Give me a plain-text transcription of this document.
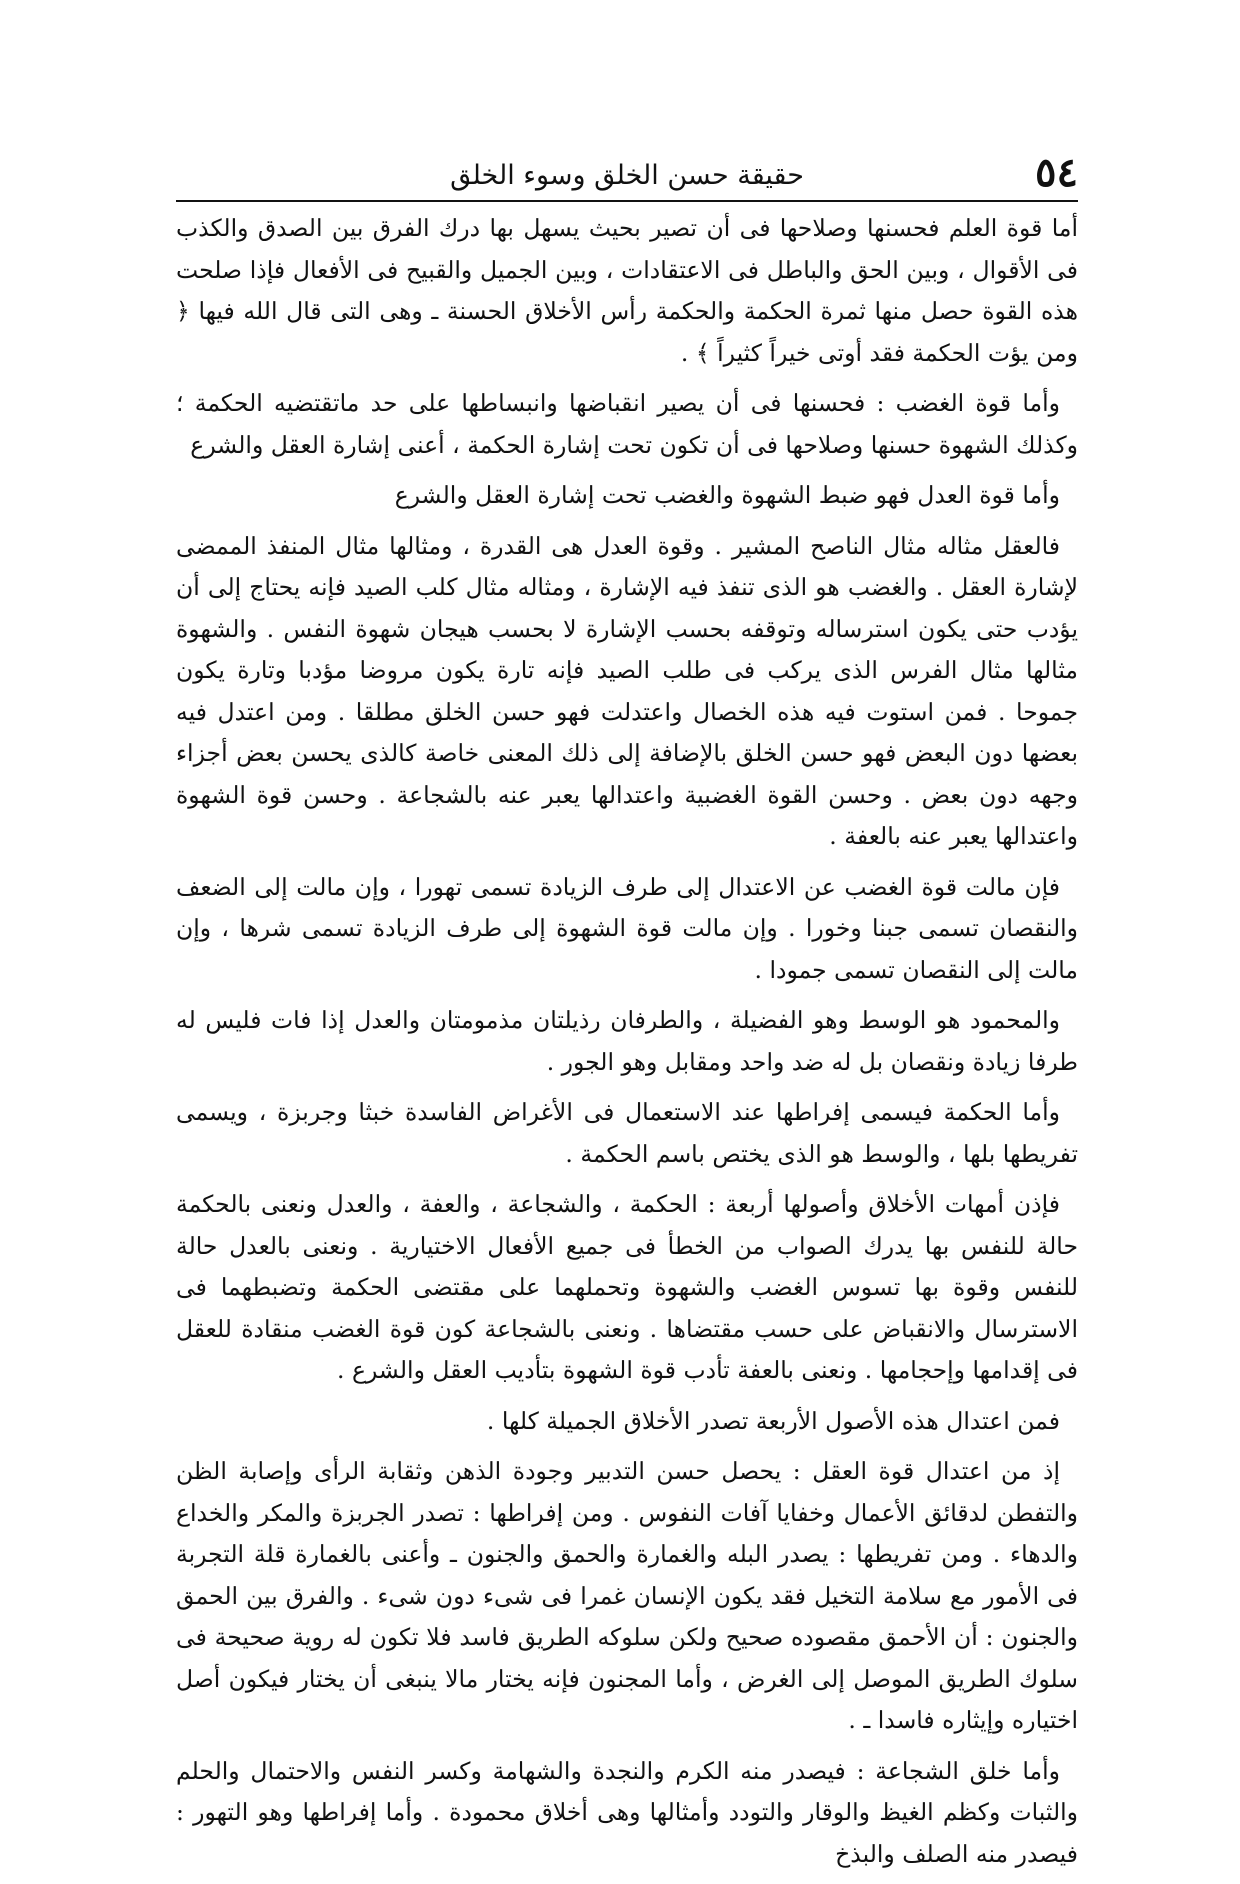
٥٤
حقيقة حسن الخلق وسوء الخلق

أما قوة العلم فحسنها وصلاحها فى أن تصير بحيث يسهل بها درك الفرق بين الصدق والكذب فى الأقوال ، وبين الحق والباطل فى الاعتقادات ، وبين الجميل والقبيح فى الأفعال فإذا صلحت هذه القوة حصل منها ثمرة الحكمة والحكمة رأس الأخلاق الحسنة ـ وهى التى قال الله فيها ﴿ ومن يؤت الحكمة فقد أوتى خيراً كثيراً ﴾ .

وأما قوة الغضب : فحسنها فى أن يصير انقباضها وانبساطها على حد ماتقتضيه الحكمة ؛ وكذلك الشهوة حسنها وصلاحها فى أن تكون تحت إشارة الحكمة ، أعنى إشارة العقل والشرع

وأما قوة العدل فهو ضبط الشهوة والغضب تحت إشارة العقل والشرع

فالعقل مثاله مثال الناصح المشير . وقوة العدل هى القدرة ، ومثالها مثال المنفذ الممضى لإشارة العقل . والغضب هو الذى تنفذ فيه الإشارة ، ومثاله مثال كلب الصيد فإنه يحتاج إلى أن يؤدب حتى يكون استرساله وتوقفه بحسب الإشارة لا بحسب هيجان شهوة النفس . والشهوة مثالها مثال الفرس الذى يركب فى طلب الصيد فإنه تارة يكون مروضا مؤدبا وتارة يكون جموحا . فمن استوت فيه هذه الخصال واعتدلت فهو حسن الخلق مطلقا . ومن اعتدل فيه بعضها دون البعض فهو حسن الخلق بالإضافة إلى ذلك المعنى خاصة كالذى يحسن بعض أجزاء وجهه دون بعض . وحسن القوة الغضبية واعتدالها يعبر عنه بالشجاعة . وحسن قوة الشهوة واعتدالها يعبر عنه بالعفة .

فإن مالت قوة الغضب عن الاعتدال إلى طرف الزيادة تسمى تهورا ، وإن مالت إلى الضعف والنقصان تسمى جبنا وخورا . وإن مالت قوة الشهوة إلى طرف الزيادة تسمى شرها ، وإن مالت إلى النقصان تسمى جمودا .

والمحمود هو الوسط وهو الفضيلة ، والطرفان رذيلتان مذمومتان والعدل إذا فات فليس له طرفا زيادة ونقصان بل له ضد واحد ومقابل وهو الجور .

وأما الحكمة فيسمى إفراطها عند الاستعمال فى الأغراض الفاسدة خبثا وجربزة ، ويسمى تفريطها بلها ، والوسط هو الذى يختص باسم الحكمة .

فإذن أمهات الأخلاق وأصولها أربعة : الحكمة ، والشجاعة ، والعفة ، والعدل ونعنى بالحكمة حالة للنفس بها يدرك الصواب من الخطأ فى جميع الأفعال الاختيارية . ونعنى بالعدل حالة للنفس وقوة بها تسوس الغضب والشهوة وتحملهما على مقتضى الحكمة وتضبطهما فى الاسترسال والانقباض على حسب مقتضاها . ونعنى بالشجاعة كون قوة الغضب منقادة للعقل فى إقدامها وإحجامها . ونعنى بالعفة تأدب قوة الشهوة بتأديب العقل والشرع .

فمن اعتدال هذه الأصول الأربعة تصدر الأخلاق الجميلة كلها .

إذ من اعتدال قوة العقل : يحصل حسن التدبير وجودة الذهن وثقابة الرأى وإصابة الظن والتفطن لدقائق الأعمال وخفايا آفات النفوس . ومن إفراطها : تصدر الجربزة والمكر والخداع والدهاء . ومن تفريطها : يصدر البله والغمارة والحمق والجنون ـ وأعنى بالغمارة قلة التجربة فى الأمور مع سلامة التخيل فقد يكون الإنسان غمرا فى شىء دون شىء . والفرق بين الحمق والجنون : أن الأحمق مقصوده صحيح ولكن سلوكه الطريق فاسد فلا تكون له روية صحيحة فى سلوك الطريق الموصل إلى الغرض ، وأما المجنون فإنه يختار مالا ينبغى أن يختار فيكون أصل اختياره وإيثاره فاسدا ـ .

وأما خلق الشجاعة : فيصدر منه الكرم والنجدة والشهامة وكسر النفس والاحتمال والحلم والثبات وكظم الغيظ والوقار والتودد وأمثالها وهى أخلاق محمودة . وأما إفراطها وهو التهور : فيصدر منه الصلف والبذخ
